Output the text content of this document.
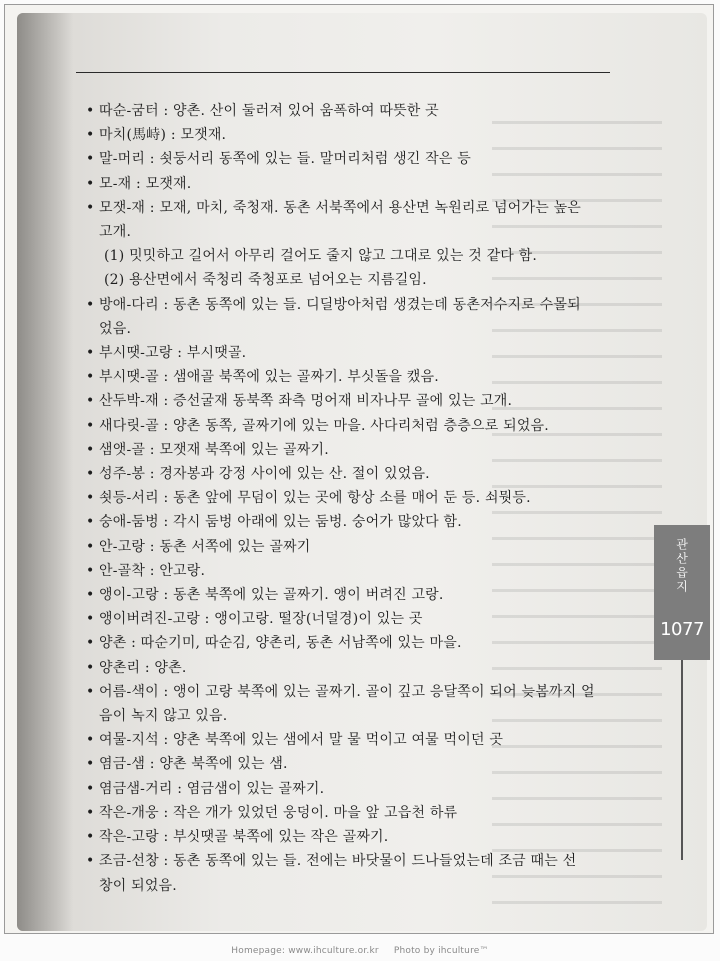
• 따순-굼터 : 양촌. 산이 둘러져 있어 움폭하여 따뜻한 곳
• 마치(馬峙) : 모잿재.
• 말-머리 : 쇳둥서리 동쪽에 있는 들. 말머리처럼 생긴 작은 등
• 모-재 : 모잿재.
• 모잿-재 : 모재, 마치, 죽청재. 동촌 서북쪽에서 용산면 녹원리로 넘어가는 높은
고개.
(1) 밋밋하고 길어서 아무리 걸어도 줄지 않고 그대로 있는 것 같다 함.
(2) 용산면에서 죽청리 죽청포로 넘어오는 지름길임.
• 방애-다리 : 동촌 동쪽에 있는 들. 디딜방아처럼 생겼는데 동촌저수지로 수몰되
었음.
• 부시땟-고랑 : 부시땟골.
• 부시땟-골 : 샘애골 북쪽에 있는 골짜기. 부싯돌을 캤음.
• 산두박-재 : 증선굴재 동북쪽 좌측 멍어재 비자나무 골에 있는 고개.
• 새다릿-골 : 양촌 동쪽, 골짜기에 있는 마을. 사다리처럼 층층으로 되었음.
• 샘앳-골 : 모잿재 북쪽에 있는 골짜기.
• 성주-봉 : 경자봉과 강정 사이에 있는 산. 절이 있었음.
• 쇳등-서리 : 동촌 앞에 무덤이 있는 곳에 항상 소를 매어 둔 등. 쇠뭣등.
• 숭애-둠벙 : 각시 둠벙 아래에 있는 둠벙. 숭어가 많았다 함.
• 안-고랑 : 동촌 서쪽에 있는 골짜기
• 안-골착 : 안고랑.
• 앵이-고랑 : 동촌 북쪽에 있는 골짜기. 앵이 버려진 고랑.
• 앵이버려진-고랑 : 앵이고랑. 떨장(너덜경)이 있는 곳
• 양촌 : 따순기미, 따순김, 양촌리, 동촌 서남쪽에 있는 마을.
• 양촌리 : 양촌.
• 어름-색이 : 앵이 고랑 북쪽에 있는 골짜기. 골이 깊고 응달쪽이 되어 늦봄까지 얼
음이 녹지 않고 있음.
• 여물-지석 : 양촌 북쪽에 있는 샘에서 말 물 먹이고 여물 먹이던 곳
• 염금-샘 : 양촌 북쪽에 있는 샘.
• 염금샘-거리 : 염금샘이 있는 골짜기.
• 작은-개웅 : 작은 개가 있었던 웅덩이. 마을 앞 고읍천 하류
• 작은-고랑 : 부싯땟골 북쪽에 있는 작은 골짜기.
• 조금-선창 : 동촌 동쪽에 있는 들. 전에는 바닷물이 드나들었는데 조금 때는 선
창이 되었음.
관산읍지
1077
Homepage: www.ihculture.or.kr Photo by ihculture™
